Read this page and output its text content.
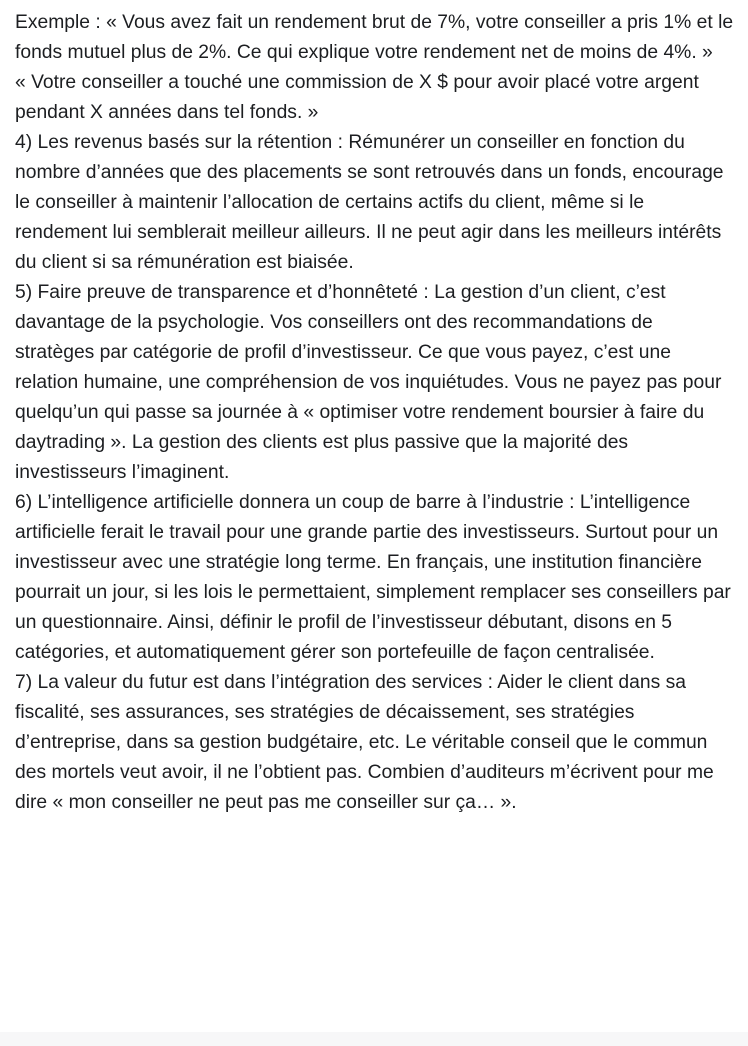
Exemple : « Vous avez fait un rendement brut de 7%, votre conseiller a pris 1% et le fonds mutuel plus de 2%. Ce qui explique votre rendement net de moins de 4%. »

« Votre conseiller a touché une commission de X $ pour avoir placé votre argent pendant X années dans tel fonds. »

4) Les revenus basés sur la rétention : Rémunérer un conseiller en fonction du nombre d’années que des placements se sont retrouvés dans un fonds, encourage le conseiller à maintenir l’allocation de certains actifs du client, même si le rendement lui semblerait meilleur ailleurs. Il ne peut agir dans les meilleurs intérêts du client si sa rémunération est biaisée.

5) Faire preuve de transparence et d’honnêteté : La gestion d’un client, c’est davantage de la psychologie. Vos conseillers ont des recommandations de stratèges par catégorie de profil d’investisseur. Ce que vous payez, c’est une relation humaine, une compréhension de vos inquiétudes. Vous ne payez pas pour quelqu’un qui passe sa journée à « optimiser votre rendement boursier à faire du daytrading ». La gestion des clients est plus passive que la majorité des investisseurs l’imaginent.

6) L’intelligence artificielle donnera un coup de barre à l’industrie : L’intelligence artificielle ferait le travail pour une grande partie des investisseurs. Surtout pour un investisseur avec une stratégie long terme. En français, une institution financière pourrait un jour, si les lois le permettaient, simplement remplacer ses conseillers par un questionnaire. Ainsi, définir le profil de l’investisseur débutant, disons en 5 catégories, et automatiquement gérer son portefeuille de façon centralisée.

7) La valeur du futur est dans l’intégration des services : Aider le client dans sa fiscalité, ses assurances, ses stratégies de décaissement, ses stratégies d’entreprise, dans sa gestion budgétaire, etc. Le véritable conseil que le commun des mortels veut avoir, il ne l’obtient pas. Combien d’auditeurs m’écrivent pour me dire « mon conseiller ne peut pas me conseiller sur ça… ».
